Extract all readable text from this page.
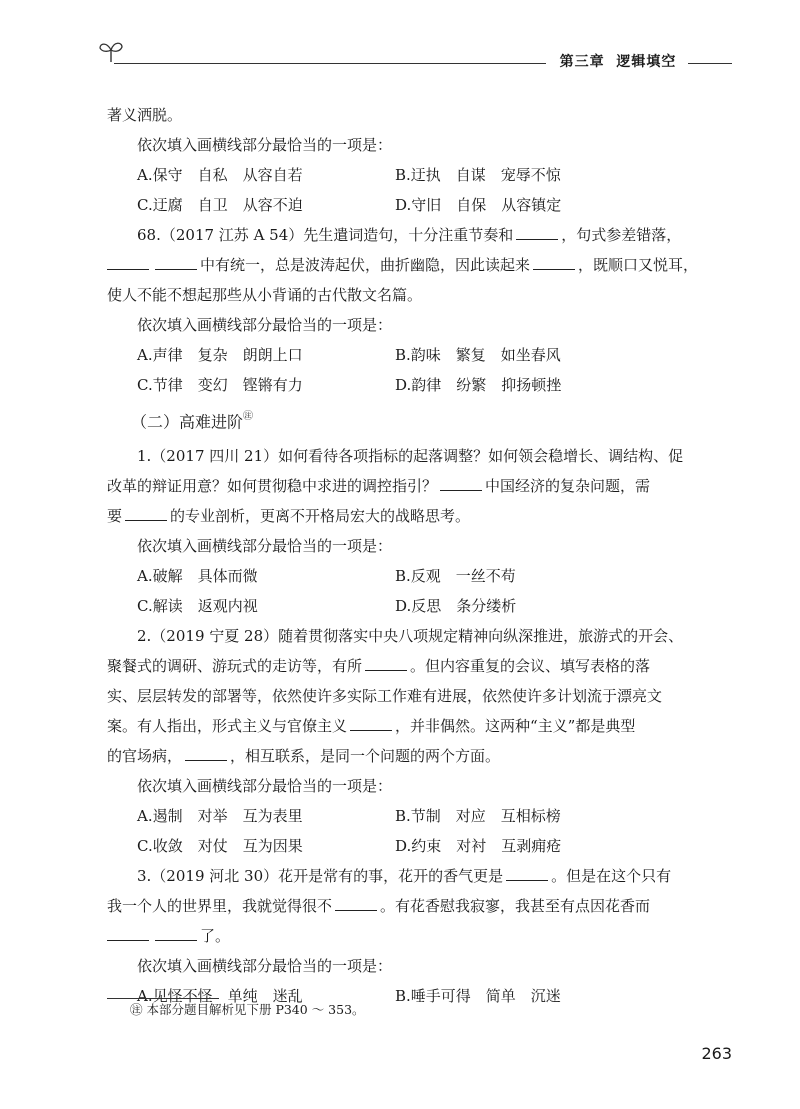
第三章 逻辑填空
著义洒脱。
依次填入画横线部分最恰当的一项是：
A.保守　自私　从容自若	B.迂执　自谋　宠辱不惊
C.迂腐　自卫　从容不迫	D.守旧　自保　从容镇定
68.（2017 江苏 A 54）先生遣词造句，十分注重节奏和	，句式参差错落，
中有统一，总是波涛起伏，曲折幽隐，因此读起来	，既顺口又悦耳，
使人不能不想起那些从小背诵的古代散文名篇。
依次填入画横线部分最恰当的一项是：
A.声律　复杂　朗朗上口	B.韵味　繁复　如坐春风
C.节律　变幻　铿锵有力	D.韵律　纷繁　抑扬顿挫
（二）高难进阶㊟
1.（2017 四川 21）如何看待各项指标的起落调整？如何领会稳增长、调结构、促
改革的辩证用意？如何贯彻稳中求进的调控指引？	中国经济的复杂问题，需
要	的专业剖析，更离不开格局宏大的战略思考。
依次填入画横线部分最恰当的一项是：
A.破解　具体而微	B.反观　一丝不苟
C.解读　返观内视	D.反思　条分缕析
2.（2019 宁夏 28）随着贯彻落实中央八项规定精神向纵深推进，旅游式的开会、
聚餐式的调研、游玩式的走访等，有所	。但内容重复的会议、填写表格的落
实、层层转发的部署等，依然使许多实际工作难有进展，依然使许多计划流于漂亮文
案。有人指出，形式主义与官僚主义	，并非偶然。这两种“主义”都是典型
的官场病，	，相互联系，是同一个问题的两个方面。
依次填入画横线部分最恰当的一项是：
A.遏制　对举　互为表里	B.节制　对应　互相标榜
C.收敛　对仗　互为因果	D.约束　对衬　互剥痈疮
3.（2019 河北 30）花开是常有的事，花开的香气更是	。但是在这个只有
我一个人的世界里，我就觉得很不	。有花香慰我寂寥，我甚至有点因花香而
了。
依次填入画横线部分最恰当的一项是：
A.见怪不怪　单纯　迷乱	B.唾手可得　简单　沉迷
㊟ 本部分题目解析见下册 P340 ～ 353。
263
